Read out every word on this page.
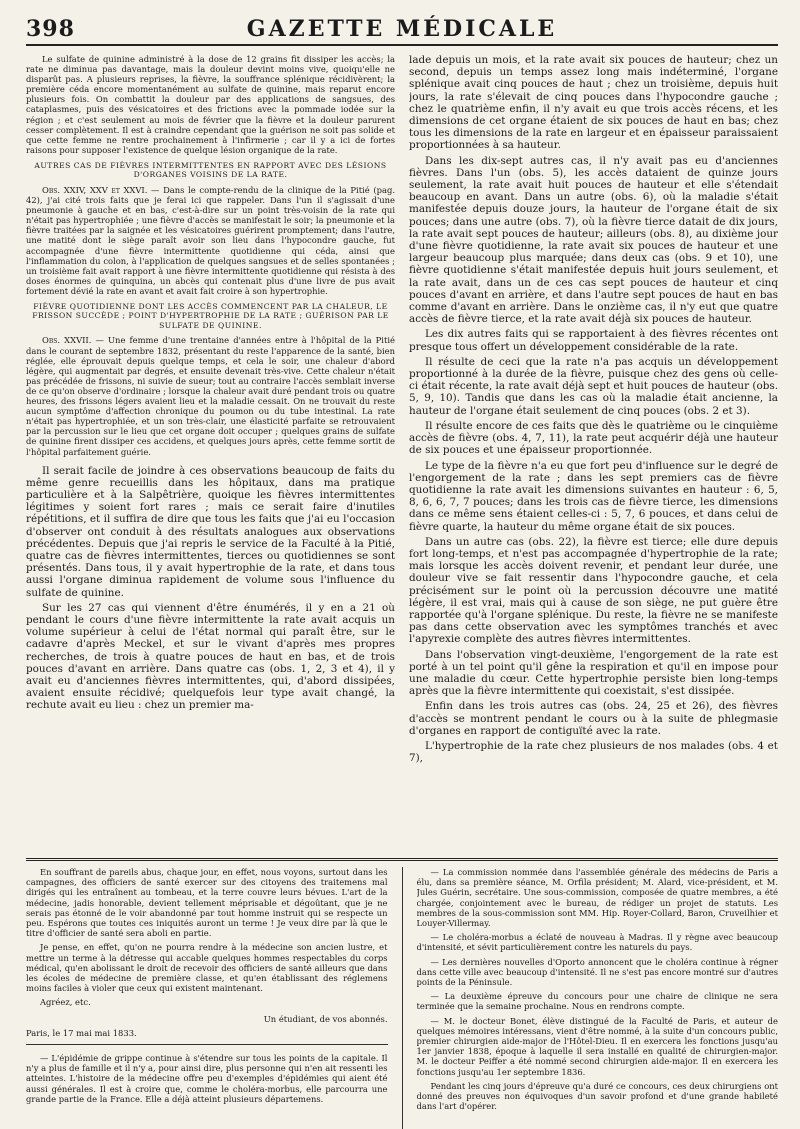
398	GAZETTE MÉDICALE

Le sulfate de quinine administré à la dose de 12 grains fit dissiper les accès; la rate ne diminua pas davantage, mais la douleur devint moins vive, quoiqu'elle ne disparût pas. A plusieurs reprises, la fièvre, la souffrance splénique récidivèrent; la première céda encore momentanément au sulfate de quinine, mais reparut encore plusieurs fois. On combattit la douleur par des applications de sangsues, des cataplasmes, puis des vésicatoires et des frictions avec la pommade iodée sur la région ; et c'est seulement au mois de février que la fièvre et la douleur parurent cesser complètement. Il est à craindre cependant que la guérison ne soit pas solide et que cette femme ne rentre prochainement à l'infirmerie ; car il y a ici de fortes raisons pour supposer l'existence de quelque lésion organique de la rate.

AUTRES CAS DE FIÈVRES INTERMITTENTES EN RAPPORT AVEC DES LÉSIONS D'ORGANES VOISINS DE LA RATE.

Obs. XXIV, XXV et XXVI. — Dans le compte-rendu de la clinique de la Pitié (pag. 42), j'ai cité trois faits que je ferai ici que rappeler. Dans l'un il s'agissait d'une pneumonie à gauche et en bas, c'est-à-dire sur un point très-voisin de la rate qui n'était pas hypertrophiée ; une fièvre d'accès se manifestait le soir; la pneumonie et la fièvre traitées par la saignée et les vésicatoires guérirent promptement; dans l'autre, une matité dont le siège paraît avoir son lieu dans l'hypocondre gauche, fut accompagnée d'une fièvre intermittente quotidienne qui céda, ainsi que l'inflammation du colon, à l'application de quelques sangsues et de selles spontanées ; un troisième fait avait rapport à une fièvre intermittente quotidienne qui résista à des doses énormes de quinquina, un abcès qui contenait plus d'une livre de pus avait fortement dévié la rate en avant et avait fait croire à son hypertrophie.

FIÈVRE QUOTIDIENNE DONT LES ACCÈS COMMENCENT PAR LA CHALEUR, LE FRISSON SUCCÈDE ; POINT D'HYPERTROPHIE DE LA RATE ; GUÉRISON PAR LE SULFATE DE QUININE.

Obs. XXVII. — Une femme d'une trentaine d'années entre à l'hôpital de la Pitié dans le courant de septembre 1832, présentant du reste l'apparence de la santé, bien réglée, elle éprouvait depuis quelque temps, et cela le soir, une chaleur d'abord légère, qui augmentait par degrés, et ensuite devenait très-vive. Cette chaleur n'était pas précédée de frissons, ni suivie de sueur; tout au contraire l'accès semblait inverse de ce qu'on observe d'ordinaire ; lorsque la chaleur avait duré pendant trois ou quatre heures, des frissons légers avaient lieu et la maladie cessait. On ne trouvait du reste aucun symptôme d'affection chronique du poumon ou du tube intestinal. La rate n'était pas hypertrophiée, et un son très-clair, une élasticité parfaite se retrouvaient par la percussion sur le lieu que cet organe doit occuper ; quelques grains de sulfate de quinine firent dissiper ces accidens, et quelques jours après, cette femme sortit de l'hôpital parfaitement guérie.

Il serait facile de joindre à ces observations beaucoup de faits du même genre recueillis dans les hôpitaux, dans ma pratique particulière et à la Salpêtrière, quoique les fièvres intermittentes légitimes y soient fort rares ; mais ce serait faire d'inutiles répétitions, et il suffira de dire que tous les faits que j'ai eu l'occasion d'observer ont conduit à des résultats analogues aux observations précédentes. Depuis que j'ai repris le service de la Faculté à la Pitié, quatre cas de fièvres intermittentes, tierces ou quotidiennes se sont présentés. Dans tous, il y avait hypertrophie de la rate, et dans tous aussi l'organe diminua rapidement de volume sous l'influence du sulfate de quinine.

Sur les 27 cas qui viennent d'être énumérés, il y en a 21 où pendant le cours d'une fièvre intermittente la rate avait acquis un volume supérieur à celui de l'état normal qui paraît être, sur le cadavre d'après Meckel, et sur le vivant d'après mes propres recherches, de trois à quatre pouces de haut en bas, et de trois pouces d'avant en arrière. Dans quatre cas (obs. 1, 2, 3 et 4), il y avait eu d'anciennes fièvres intermittentes, qui, d'abord dissipées, avaient ensuite récidivé; quelquefois leur type avait changé, la rechute avait eu lieu : chez un premier ma-

lade depuis un mois, et la rate avait six pouces de hauteur; chez un second, depuis un temps assez long mais indéterminé, l'organe splénique avait cinq pouces de haut ; chez un troisième, depuis huit jours, la rate s'élevait de cinq pouces dans l'hypocondre gauche ; chez le quatrième enfin, il n'y avait eu que trois accès récens, et les dimensions de cet organe étaient de six pouces de haut en bas; chez tous les dimensions de la rate en largeur et en épaisseur paraissaient proportionnées à sa hauteur.

Dans les dix-sept autres cas, il n'y avait pas eu d'anciennes fièvres. Dans l'un (obs. 5), les accès dataient de quinze jours seulement, la rate avait huit pouces de hauteur et elle s'étendait beaucoup en avant. Dans un autre (obs. 6), où la maladie s'était manifestée depuis douze jours, la hauteur de l'organe était de six pouces; dans une autre (obs. 7), où la fièvre tierce datait de dix jours, la rate avait sept pouces de hauteur; ailleurs (obs. 8), au dixième jour d'une fièvre quotidienne, la rate avait six pouces de hauteur et une largeur beaucoup plus marquée; dans deux cas (obs. 9 et 10), une fièvre quotidienne s'était manifestée depuis huit jours seulement, et la rate avait, dans un de ces cas sept pouces de hauteur et cinq pouces d'avant en arrière, et dans l'autre sept pouces de haut en bas comme d'avant en arrière. Dans le onzième cas, il n'y eut que quatre accès de fièvre tierce, et la rate avait déjà six pouces de hauteur.

Les dix autres faits qui se rapportaient à des fièvres récentes ont presque tous offert un développement considérable de la rate.

Il résulte de ceci que la rate n'a pas acquis un développement proportionné à la durée de la fièvre, puisque chez des gens où celle-ci était récente, la rate avait déjà sept et huit pouces de hauteur (obs. 5, 9, 10). Tandis que dans les cas où la maladie était ancienne, la hauteur de l'organe était seulement de cinq pouces (obs. 2 et 3).

Il résulte encore de ces faits que dès le quatrième ou le cinquième accès de fièvre (obs. 4, 7, 11), la rate peut acquérir déjà une hauteur de six pouces et une épaisseur proportionnée.

Le type de la fièvre n'a eu que fort peu d'influence sur le degré de l'engorgement de la rate ; dans les sept premiers cas de fièvre quotidienne la rate avait les dimensions suivantes en hauteur : 6, 5, 8, 6, 6, 7, 7 pouces; dans les trois cas de fièvre tierce, les dimensions dans ce même sens étaient celles-ci : 5, 7, 6 pouces, et dans celui de fièvre quarte, la hauteur du même organe était de six pouces.

Dans un autre cas (obs. 22), la fièvre est tierce; elle dure depuis fort long-temps, et n'est pas accompagnée d'hypertrophie de la rate; mais lorsque les accès doivent revenir, et pendant leur durée, une douleur vive se fait ressentir dans l'hypocondre gauche, et cela précisément sur le point où la percussion découvre une matité légère, il est vrai, mais qui à cause de son siège, ne put guère être rapportée qu'à l'organe splénique. Du reste, la fièvre ne se manifeste pas dans cette observation avec les symptômes tranchés et avec l'apyrexie complète des autres fièvres intermittentes.

Dans l'observation vingt-deuxième, l'engorgement de la rate est porté à un tel point qu'il gêne la respiration et qu'il en impose pour une maladie du cœur. Cette hypertrophie persiste bien long-temps après que la fièvre intermittente qui coexistait, s'est dissipée.

Enfin dans les trois autres cas (obs. 24, 25 et 26), des fièvres d'accès se montrent pendant le cours ou à la suite de phlegmasie d'organes en rapport de contiguïté avec la rate.

L'hypertrophie de la rate chez plusieurs de nos malades (obs. 4 et 7),

En souffrant de pareils abus, chaque jour, en effet, nous voyons, surtout dans les campagnes, des officiers de santé exercer sur des citoyens des traitemens mal dirigés qui les entraînent au tombeau, et la terre couvre leurs bévues. L'art de la médecine, jadis honorable, devient tellement méprisable et dégoûtant, que je ne serais pas étonné de le voir abandonné par tout homme instruit qui se respecte un peu. Espérons que toutes ces iniquités auront un terme ! Je veux dire par là que le titre d'officier de santé sera aboli en partie.

Je pense, en effet, qu'on ne pourra rendre à la médecine son ancien lustre, et mettre un terme à la détresse qui accable quelques hommes respectables du corps médical, qu'en abolissant le droit de recevoir des officiers de santé ailleurs que dans les écoles de médecine de première classe, et qu'en établissant des réglemens moins faciles à violer que ceux qui existent maintenant.

Agréez, etc.

Un étudiant, de vos abonnés.
Paris, le 17 mai mai 1833.

— L'épidémie de grippe continue à s'étendre sur tous les points de la capitale. Il n'y a plus de famille et il n'y a, pour ainsi dire, plus personne qui n'en ait ressenti les atteintes. L'histoire de la médecine offre peu d'exemples d'épidémies qui aient été aussi générales. Il est à croire que, comme le choléra-morbus, elle parcourra une grande partie de la France. Elle a déjà atteint plusieurs départemens.

— La commission nommée dans l'assemblée générale des médecins de Paris a élu, dans sa première séance, M. Orfila président; M. Alard, vice-président, et M. Jules Guérin, secrétaire. Une sous-commission, composée de quatre membres, a été chargée, conjointement avec le bureau, de rédiger un projet de statuts. Les membres de la sous-commission sont MM. Hip. Royer-Collard, Baron, Cruveilhier et Louyer-Villermay.

— Le choléra-morbus a éclaté de nouveau à Madras. Il y règne avec beaucoup d'intensité, et sévit particulièrement contre les naturels du pays.

— Les dernières nouvelles d'Oporto annoncent que le choléra continue à régner dans cette ville avec beaucoup d'intensité. Il ne s'est pas encore montré sur d'autres points de la Péninsule.

— La deuxième épreuve du concours pour une chaire de clinique ne sera terminée que la semaine prochaine. Nous en rendrons compte.

— M. le docteur Bonet, élève distingué de la Faculté de Paris, et auteur de quelques mémoires intéressans, vient d'être nommé, à la suite d'un concours public, premier chirurgien aide-major de l'Hôtel-Dieu. Il en exercera les fonctions jusqu'au 1er janvier 1838, époque à laquelle il sera installé en qualité de chirurgien-major. M. le docteur Peiffer a été nommé second chirurgien aide-major. Il en exercera les fonctions jusqu'au 1er septembre 1836.

Pendant les cinq jours d'épreuve qu'a duré ce concours, ces deux chirurgiens ont donné des preuves non équivoques d'un savoir profond et d'une grande habileté dans l'art d'opérer.
